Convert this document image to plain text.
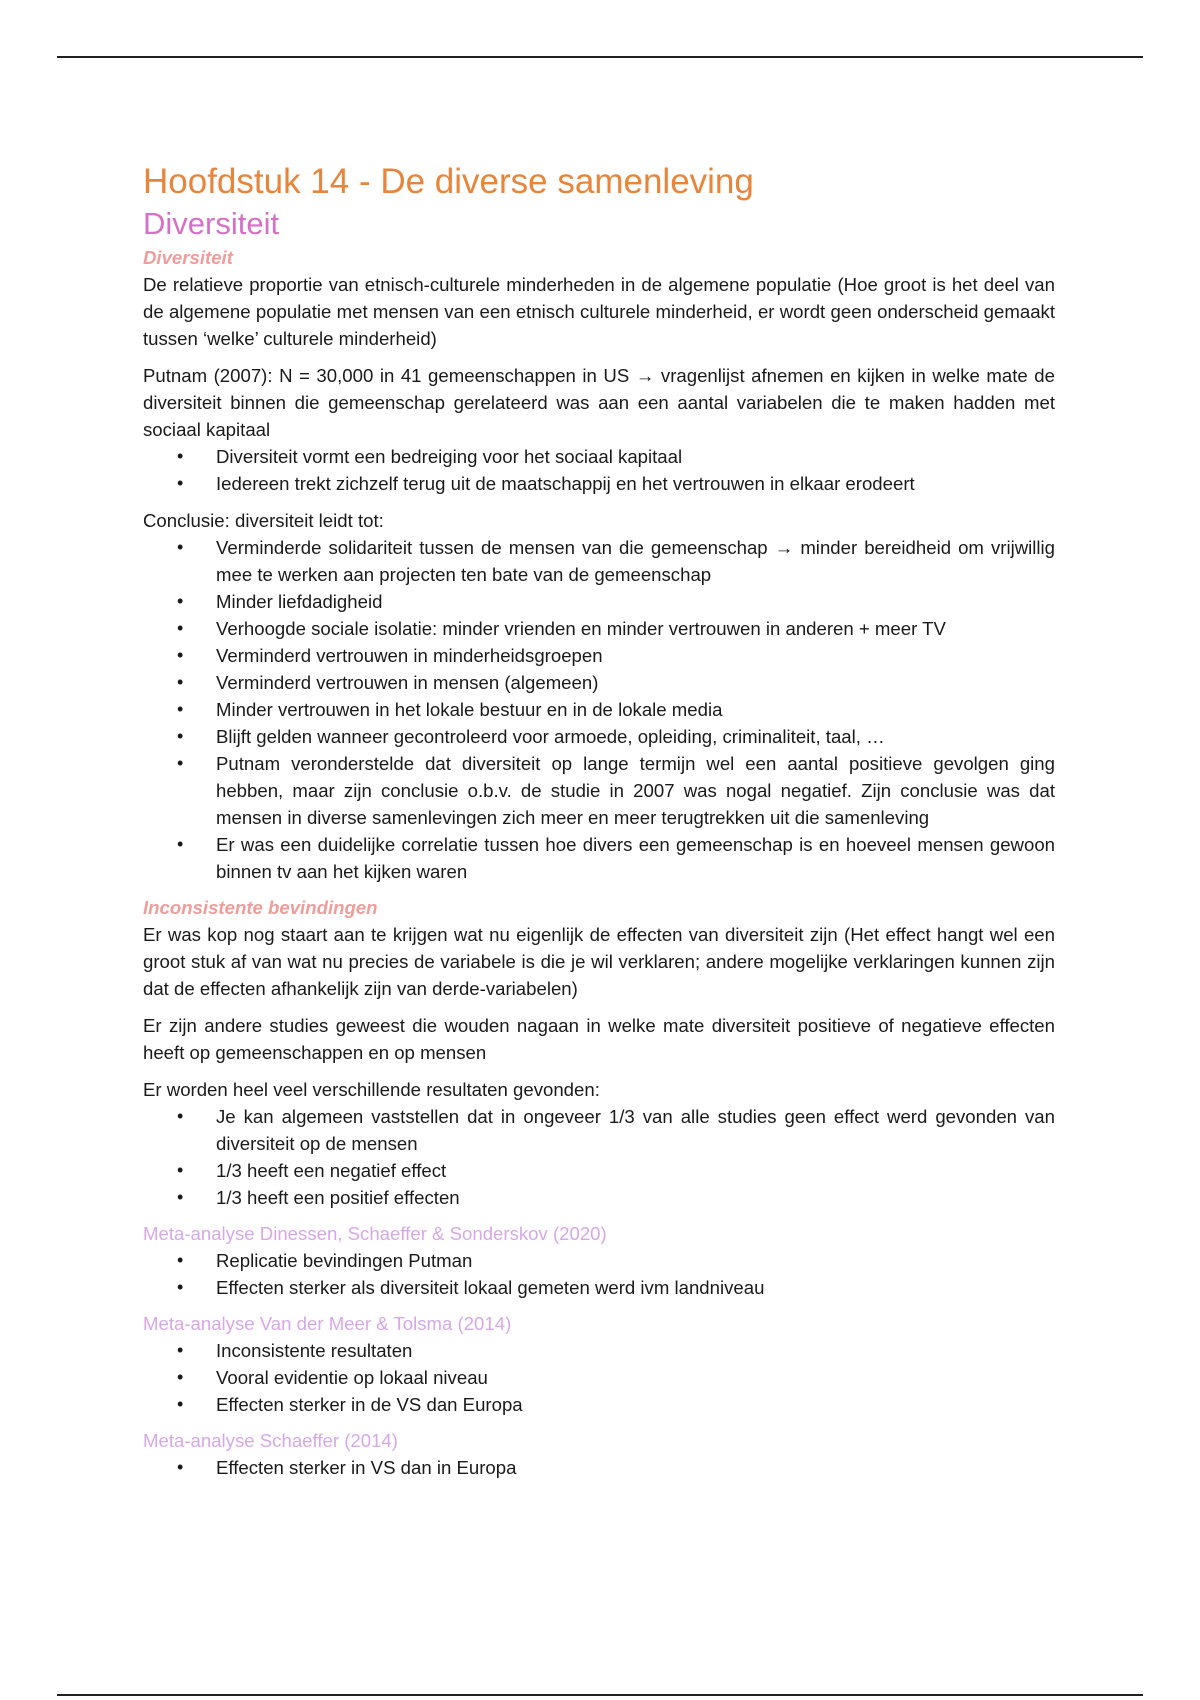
Hoofdstuk 14 - De diverse samenleving
Diversiteit
Diversiteit

De relatieve proportie van etnisch-culturele minderheden in de algemene populatie (Hoe groot is het deel van de algemene populatie met mensen van een etnisch culturele minderheid, er wordt geen onderscheid gemaakt tussen ‘welke’ culturele minderheid)

Putnam (2007): N = 30,000 in 41 gemeenschappen in US → vragenlijst afnemen en kijken in welke mate de diversiteit binnen die gemeenschap gerelateerd was aan een aantal variabelen die te maken hadden met sociaal kapitaal

• Diversiteit vormt een bedreiging voor het sociaal kapitaal
• Iedereen trekt zichzelf terug uit de maatschappij en het vertrouwen in elkaar erodeert

Conclusie: diversiteit leidt tot:

• Verminderde solidariteit tussen de mensen van die gemeenschap → minder bereidheid om vrijwillig mee te werken aan projecten ten bate van de gemeenschap
• Minder liefdadigheid
• Verhoogde sociale isolatie: minder vrienden en minder vertrouwen in anderen + meer TV
• Verminderd vertrouwen in minderheidsgroepen
• Verminderd vertrouwen in mensen (algemeen)
• Minder vertrouwen in het lokale bestuur en in de lokale media
• Blijft gelden wanneer gecontroleerd voor armoede, opleiding, criminaliteit, taal, …
• Putnam veronderstelde dat diversiteit op lange termijn wel een aantal positieve gevolgen ging hebben, maar zijn conclusie o.b.v. de studie in 2007 was nogal negatief. Zijn conclusie was dat mensen in diverse samenlevingen zich meer en meer terugtrekken uit die samenleving
• Er was een duidelijke correlatie tussen hoe divers een gemeenschap is en hoeveel mensen gewoon binnen tv aan het kijken waren
Inconsistente bevindingen

Er was kop nog staart aan te krijgen wat nu eigenlijk de effecten van diversiteit zijn (Het effect hangt wel een groot stuk af van wat nu precies de variabele is die je wil verklaren; andere mogelijke verklaringen kunnen zijn dat de effecten afhankelijk zijn van derde-variabelen)

Er zijn andere studies geweest die wouden nagaan in welke mate diversiteit positieve of negatieve effecten heeft op gemeenschappen en op mensen

Er worden heel veel verschillende resultaten gevonden:

• Je kan algemeen vaststellen dat in ongeveer 1/3 van alle studies geen effect werd gevonden van diversiteit op de mensen
• 1/3 heeft een negatief effect
• 1/3 heeft een positief effecten
Meta-analyse Dinessen, Schaeffer & Sonderskov (2020)
• Replicatie bevindingen Putman
• Effecten sterker als diversiteit lokaal gemeten werd ivm landniveau
Meta-analyse Van der Meer & Tolsma (2014)
• Inconsistente resultaten
• Vooral evidentie op lokaal niveau
• Effecten sterker in de VS dan Europa
Meta-analyse Schaeffer (2014)
• Effecten sterker in VS dan in Europa
